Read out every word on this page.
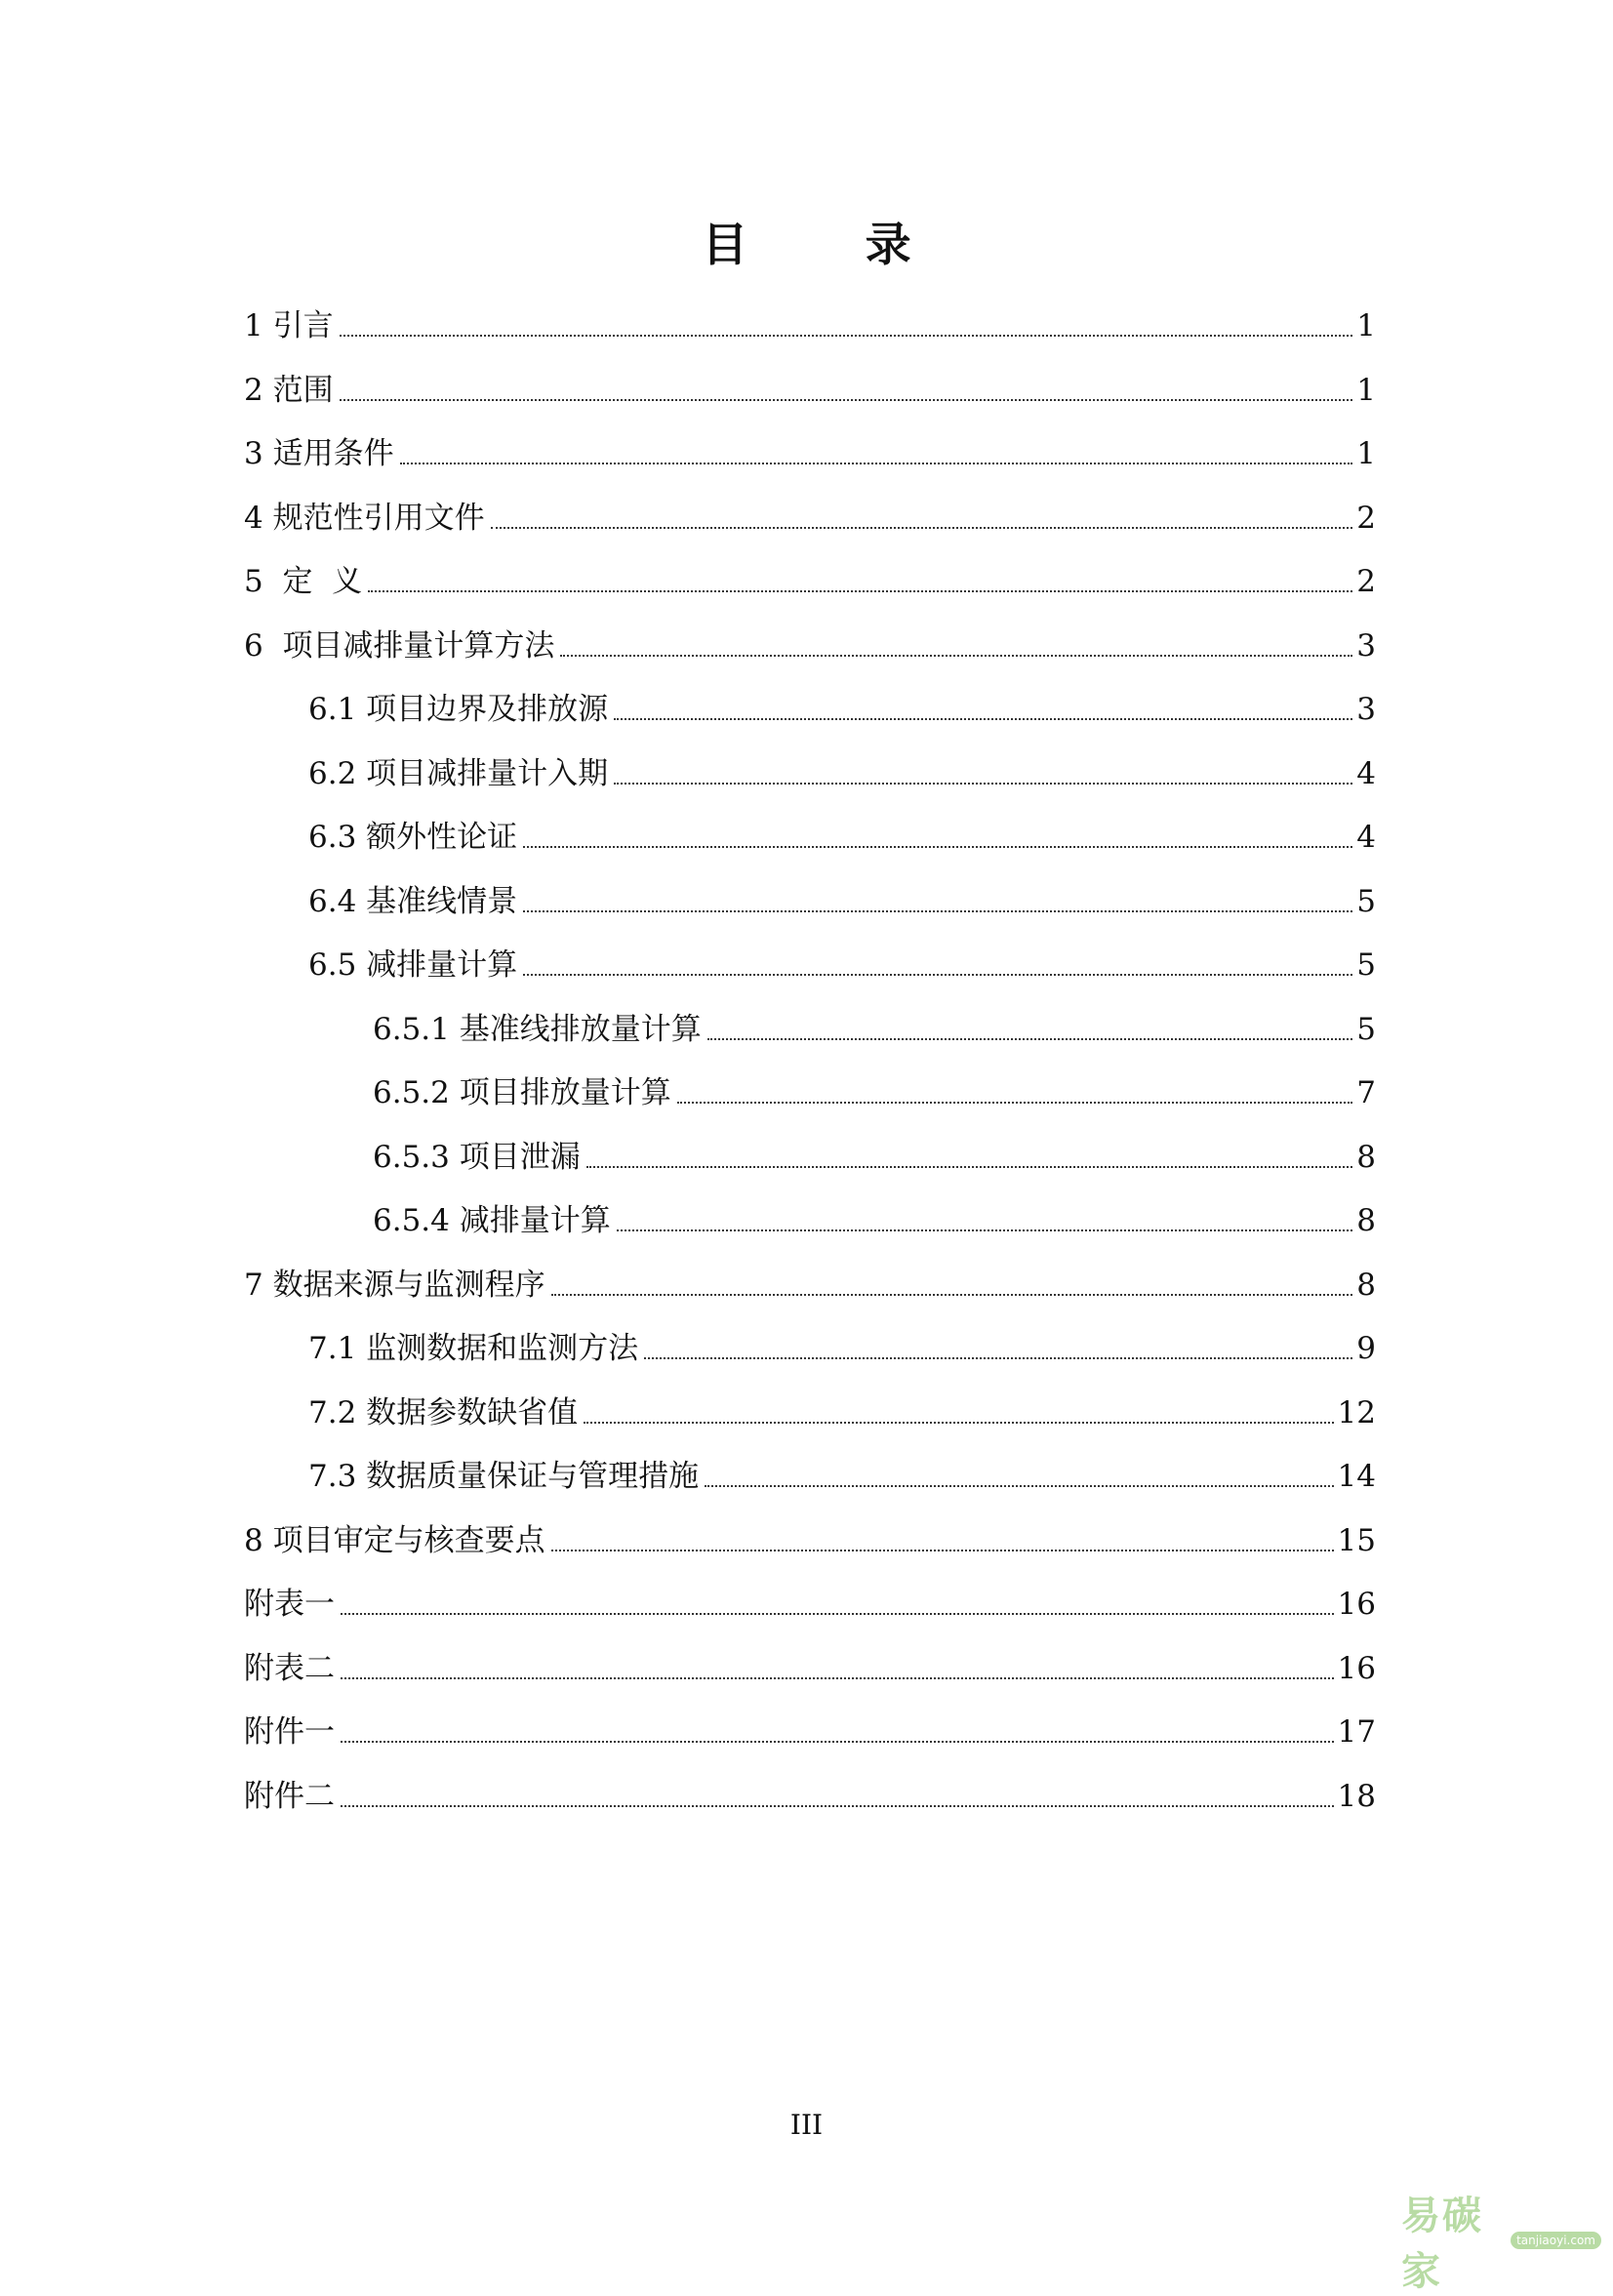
目 录
1 引言	1
2 范围	1
3 适用条件	1
4 规范性引用文件	2
5 定  义	2
6 项目减排量计算方法	3
6.1 项目边界及排放源	3
6.2 项目减排量计入期	4
6.3 额外性论证	4
6.4 基准线情景	5
6.5 减排量计算	5
6.5.1 基准线排放量计算	5
6.5.2 项目排放量计算	7
6.5.3 项目泄漏	8
6.5.4 减排量计算	8
7 数据来源与监测程序	8
7.1 监测数据和监测方法	9
7.2 数据参数缺省值	12
7.3 数据质量保证与管理措施	14
8 项目审定与核查要点	15
附表一	16
附表二	16
附件一	17
附件二	18
III
易碳家
tanjiaoyi.com
